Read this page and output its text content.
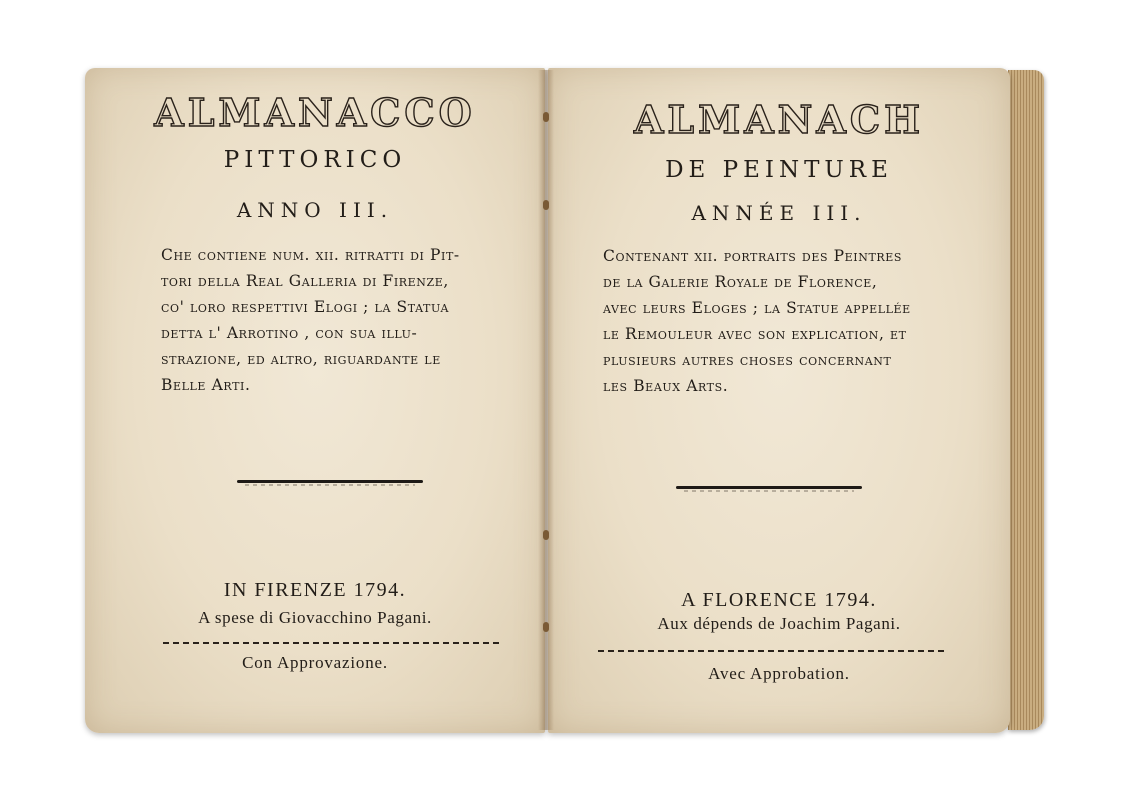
ALMANACCO
PITTORICO
ANNO III.
Che contiene num. xii. ritratti di Pit-
tori della Real Galleria di Firenze,
co' loro respettivi Elogi ; la Statua
detta l' Arrotino , con sua illu-
strazione, ed altro, riguardante le
Belle Arti.
IN FIRENZE 1794.
A spese di Giovacchino Pagani.
Con Approvazione.
ALMANACH
DE PEINTURE
ANNÉE III.
Contenant xii. portraits des Peintres
de la Galerie Royale de Florence,
avec leurs Eloges ; la Statue appellée
le Remouleur avec son explication, et
plusieurs autres choses concernant
les Beaux Arts.
A FLORENCE 1794.
Aux dépends de Joachim Pagani.
Avec Approbation.
